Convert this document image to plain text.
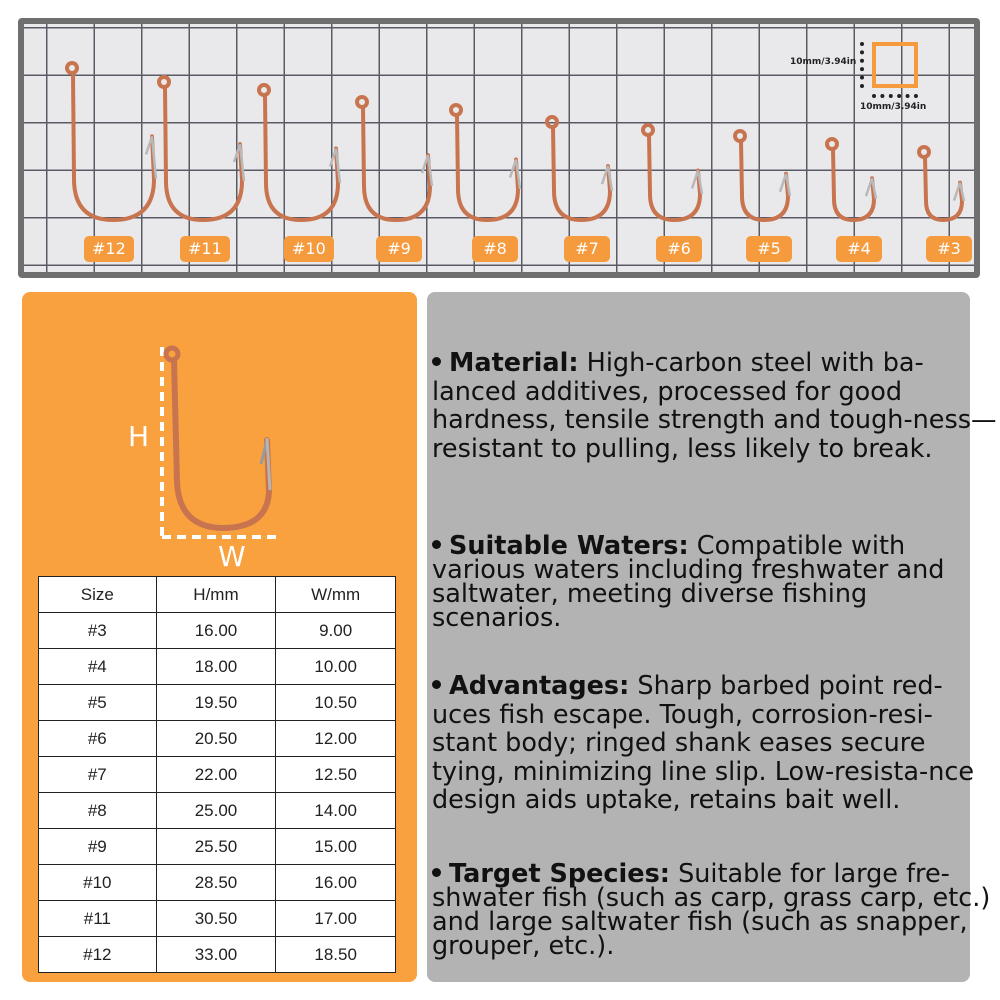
10mm/3.94in
10mm/3.94in
#12	#11	#10	#9	#8	#7	#6	#5	#4	#3
H
W
Size	H/mm	W/mm
#3	16.00	9.00
#4	18.00	10.00
#5	19.50	10.50
#6	20.50	12.00
#7	22.00	12.50
#8	25.00	14.00
#9	25.50	15.00
#10	28.50	16.00
#11	30.50	17.00
#12	33.00	18.50
Material: High-carbon steel with ba-lanced additives, processed for good hardness, tensile strength and tough-ness—resistant to pulling, less likely to break.
Suitable Waters: Compatible with various waters including freshwater and saltwater, meeting diverse fishing scenarios.
Advantages: Sharp barbed point red-uces fish escape. Tough, corrosion-resi-stant body; ringed shank eases secure tying, minimizing line slip. Low-resista-nce design aids uptake, retains bait well.
Target Species: Suitable for large fre-shwater fish (such as carp, grass carp, etc.) and large saltwater fish (such as snapper, grouper, etc.).
